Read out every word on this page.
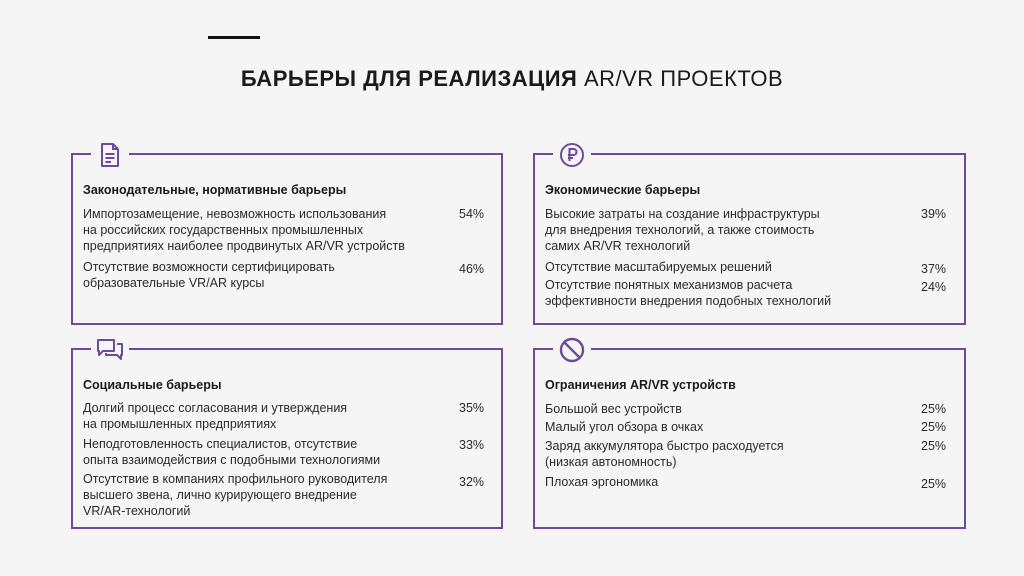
БАРЬЕРЫ ДЛЯ РЕАЛИЗАЦИЯ AR/VR ПРОЕКТОВ
Законодательные, нормативные барьеры
Импортозамещение, невозможность использования
на российских государственных промышленных
предприятиях наиболее продвинутых AR/VR устройств
54%
Отсутствие возможности сертифицировать
образовательные VR/AR курсы
46%
Экономические барьеры
Высокие затраты на создание инфраструктуры
для внедрения технологий, а также стоимость
самих AR/VR технологий
39%
Отсутствие масштабируемых решений	37%
Отсутствие понятных механизмов расчета
эффективности внедрения подобных технологий
24%
Социальные барьеры
Долгий процесс согласования и утверждения
на промышленных предприятиях
35%
Неподготовленность специалистов, отсутствие
опыта взаимодействия с подобными технологиями
33%
Отсутствие в компаниях профильного руководителя
высшего звена, лично курирующего внедрение
VR/AR-технологий
32%
Ограничения AR/VR устройств
Большой вес устройств	25%
Малый угол обзора в очках	25%
Заряд аккумулятора быстро расходуется
(низкая автономность)
25%
Плохая эргономика	25%
